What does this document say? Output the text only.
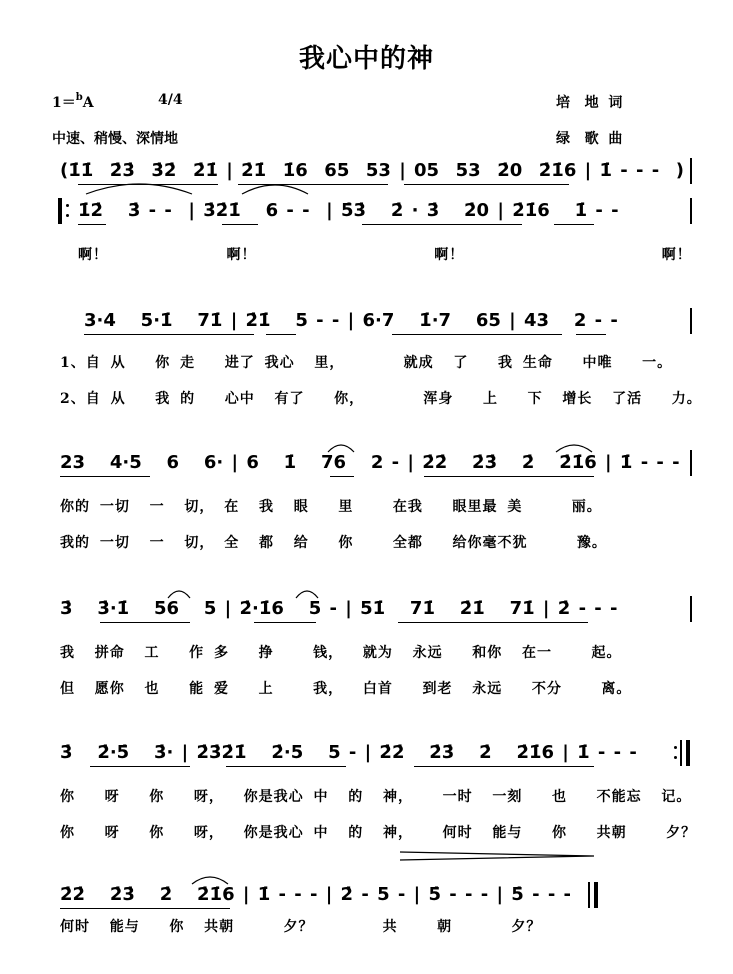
我心中的神
1＝$^b$A	4/4	培   地  词
中速、稍慢、深情地	绿   歌  曲
(1̇1̇  2̇3̇  3̇2̇  2̇1̇ | 2̇1̇  1̇6  65  53 | 05  53  2̇0  2̇1̇6 | 1̇ - - -  )
1̇2̇   3̇ - -  | 3̇2̇1̇   6 - -  | 5̇3̇   2̇ · 3̇   2̇0 | 2̇1̇6   1̇ - -
啊！            啊！                  啊！                    啊！
3·4   5·1̇   71̇ | 2̇1̇   5 - - | 6·7   1̇·7   65 | 43   2 - -
1、自 从   你 走   进了 我心  里，      就成  了   我 生命   中唯   一。
2、自 从   我 的   心中  有了   你，      浑身   上   下  增长  了活   力。
23   4·5   6   6· | 6   1̇   76   2 - | 2̇2̇   2̇3̇   2̇   2̇1̇6 | 1̇ - - -
你的 一切  一  切， 在  我  眼   里    在我   眼里最 美     丽。
我的 一切  一  切， 全  都  给   你    全都   给你毫不犹     豫。
3̇   3̇·1̇   56   5 | 2̇·1̇6   5 - | 51̇   71̇   2̇1̇   71̇ | 2̇ - - -
我  拼命  工   作 多   挣    钱，  就为  永远   和你  在一    起。
但  愿你  也   能 爱   上    我，  白首   到老  永远   不分    离。
3̇   2̇·5̇   3̇· | 2̇3̇2̇1̇   2̇·5   5 - | 2̇2̇   2̇3̇   2̇   2̇1̇6 | 1̇ - - -
你   呀   你   呀，  你是我心 中  的  神，   一时  一刻   也   不能忘  记。
你   呀   你   呀，  你是我心 中  的  神，   何时  能与   你   共朝    夕？
2̇2̇   2̇3̇   2̇   2̇1̇6 | 1̇ - - - | 2̇ - 5 - | 5̇ - - - | 5̇ - - -
何时  能与   你  共朝     夕？       共    朝      夕？
